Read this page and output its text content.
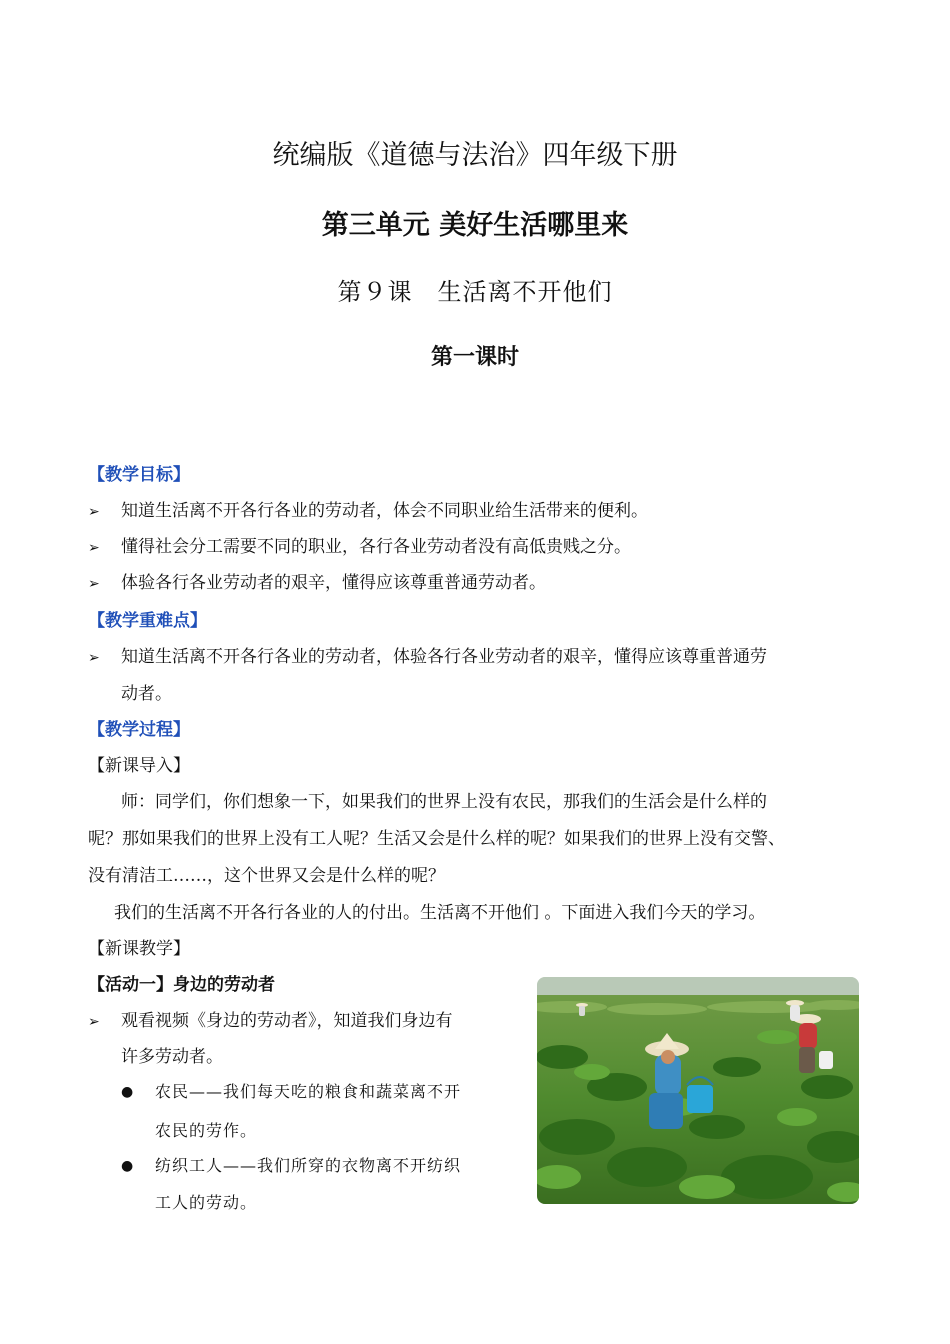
统编版《道德与法治》四年级下册
第三单元 美好生活哪里来
第９课　生活离不开他们
第一课时
【教学目标】
➢ 知道生活离不开各行各业的劳动者，体会不同职业给生活带来的便利。
➢ 懂得社会分工需要不同的职业，各行各业劳动者没有高低贵贱之分。
➢ 体验各行各业劳动者的艰辛，懂得应该尊重普通劳动者。
【教学重难点】
➢ 知道生活离不开各行各业的劳动者，体验各行各业劳动者的艰辛，懂得应该尊重普通劳
动者。
【教学过程】
【新课导入】
师：同学们，你们想象一下，如果我们的世界上没有农民，那我们的生活会是什么样的
呢？那如果我们的世界上没有工人呢？生活又会是什么样的呢？如果我们的世界上没有交警、
没有清洁工……，这个世界又会是什么样的呢？
我们的生活离不开各行各业的人的付出。生活离不开他们 。下面进入我们今天的学习。
【新课教学】
【活动一】身边的劳动者
➢ 观看视频《身边的劳动者》，知道我们身边有
许多劳动者。
● 农民——我们每天吃的粮食和蔬菜离不开
农民的劳作。
● 纺织工人——我们所穿的衣物离不开纺织
工人的劳动。
